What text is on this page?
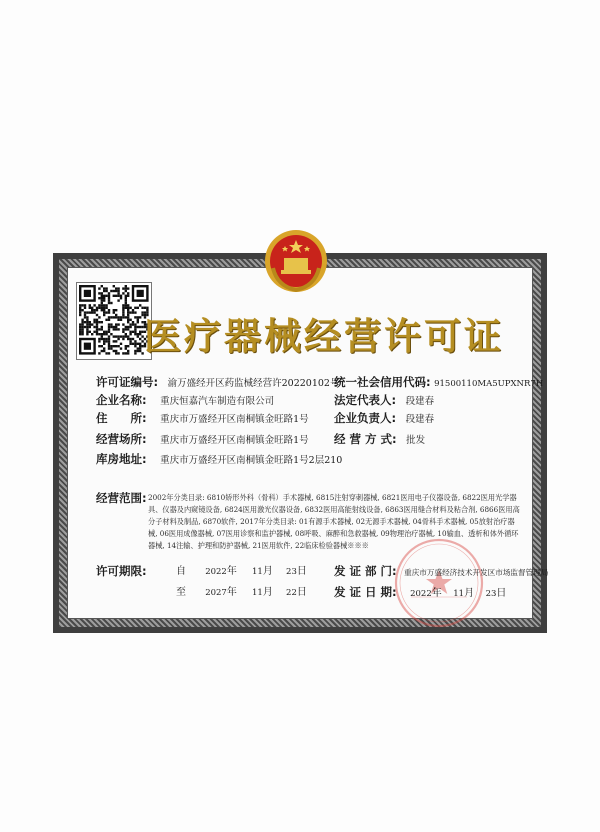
医疗器械经营许可证
许可证编号: 渝万盛经开区药监械经营许20220102号
企业名称: 重庆恒嘉汽车制造有限公司
住　　所: 重庆市万盛经开区南桐镇金旺路1号
经营场所: 重庆市万盛经开区南桐镇金旺路1号
库房地址: 重庆市万盛经开区南桐镇金旺路1号2层210
统一社会信用代码: 91500110MA5UPXNR7H
法定代表人: 段建春
企业负责人: 段建春
经 营 方 式: 批发
经营范围: 2002年分类目录: 6810矫形外科（骨科）手术器械, 6815注射穿刺器械, 6821医用电子仪器设备, 6822医用光学器具、仪器及内窥镜设备, 6824医用激光仪器设备, 6832医用高能射线设备, 6863医用缝合材料及粘合剂, 6866医用高分子材料及制品, 6870软件, 2017年分类目录: 01有源手术器械, 02无源手术器械, 04骨科手术器械, 05放射治疗器械, 06医用成像器械, 07医用诊察和监护器械, 08呼吸、麻醉和急救器械, 09物理治疗器械, 10输血、透析和体外循环器械, 14注输、护理和防护器械, 21医用软件, 22临床检验器械※※※
许可期限:	自 2022年 11月 23日
至 2027年 11月 22日
发 证 部 门: 重庆市万盛经济技术开发区市场监督管理局
发 证 日 期: 2022年 11月 23日
